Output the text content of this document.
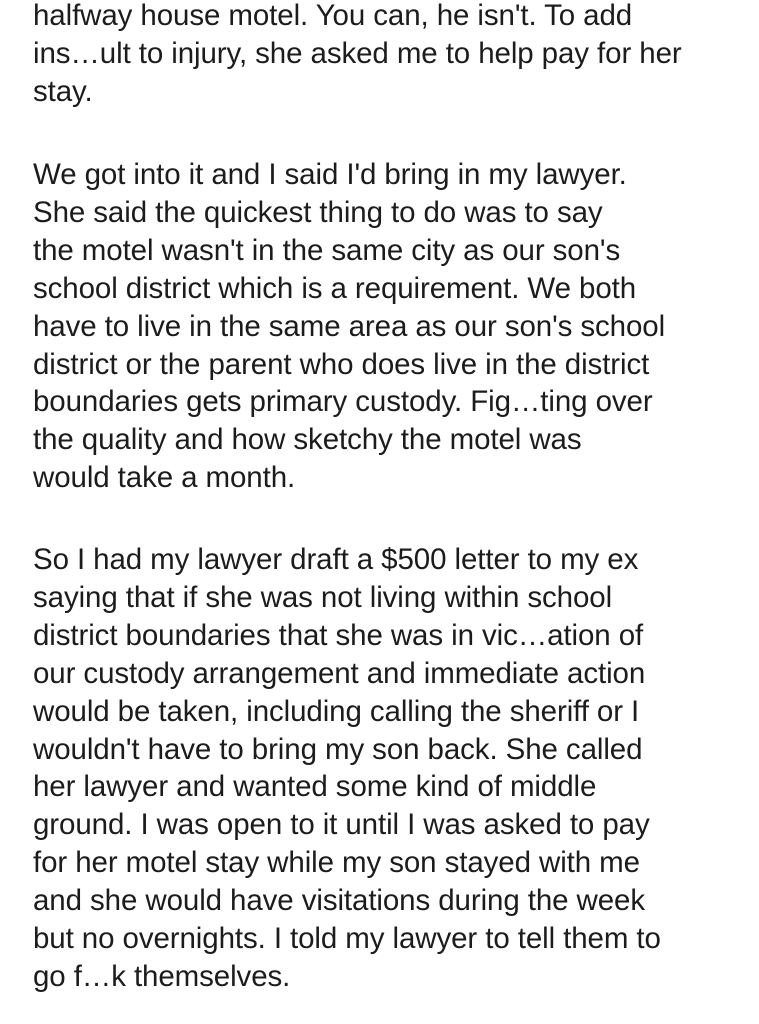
halfway house motel. You can, he isn't. To add
ins…ult to injury, she asked me to help pay for her
stay.
We got into it and I said I'd bring in my lawyer.
She said the quickest thing to do was to say
the motel wasn't in the same city as our son's
school district which is a requirement. We both
have to live in the same area as our son's school
district or the parent who does live in the district
boundaries gets primary custody. Fig…ting over
the quality and how sketchy the motel was
would take a month.
So I had my lawyer draft a $500 letter to my ex
saying that if she was not living within school
district boundaries that she was in vic…ation of
our custody arrangement and immediate action
would be taken, including calling the sheriff or I
wouldn't have to bring my son back. She called
her lawyer and wanted some kind of middle
ground. I was open to it until I was asked to pay
for her motel stay while my son stayed with me
and she would have visitations during the week
but no overnights. I told my lawyer to tell them to
go f…k themselves.
